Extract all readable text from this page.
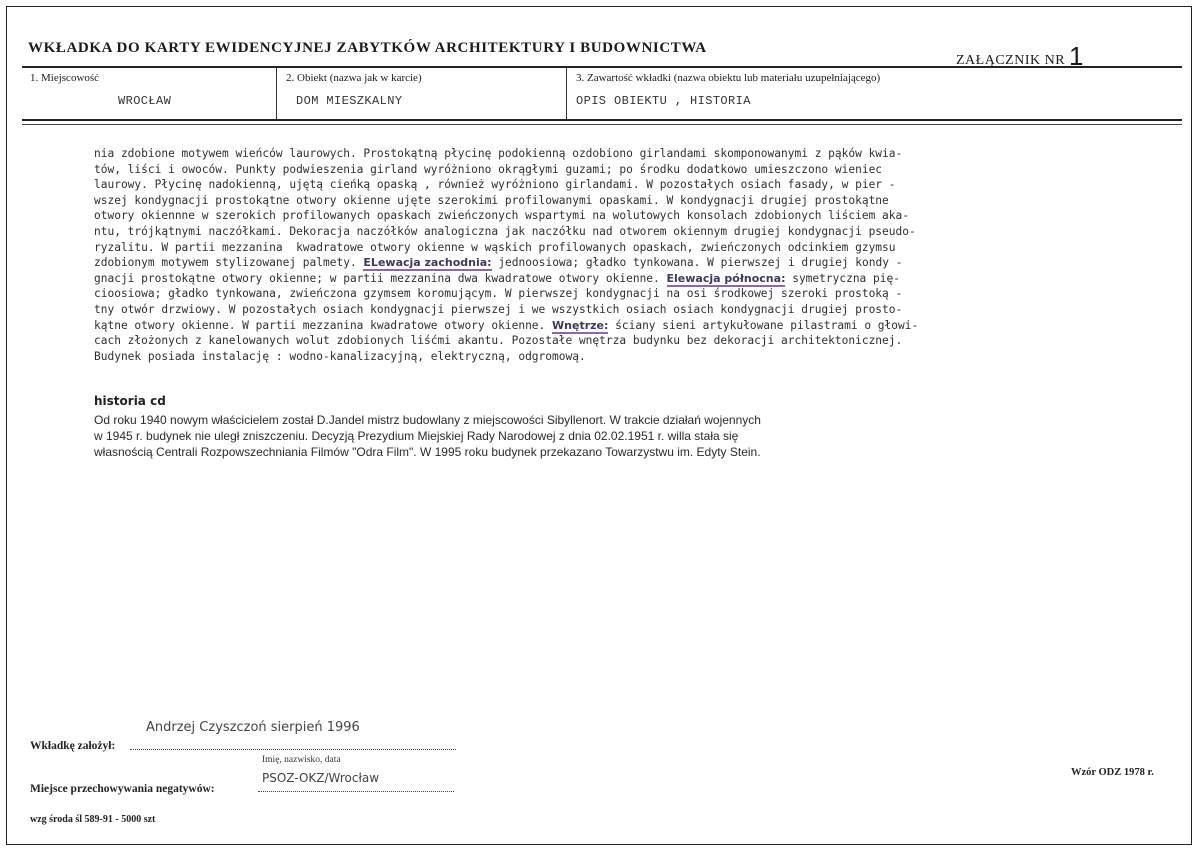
WKŁADKA DO KARTY EWIDENCYJNEJ ZABYTKÓW ARCHITEKTURY I BUDOWNICTWA
ZAŁĄCZNIK NR 1
1. Miejscowość
WROCŁAW
2. Obiekt (nazwa jak w karcie)
DOM MIESZKALNY
3. Zawartość wkładki (nazwa obiektu lub materiału uzupełniającego)
OPIS OBIEKTU , HISTORIA

nia zdobione motywem wieńców laurowych. Prostokątną płycinę podokienną ozdobiono girlandami skomponowanymi z pąków kwia-

tów, liści i owoców. Punkty podwieszenia girland wyróżniono okrągłymi guzami; po środku dodatkowo umieszczono wieniec

laurowy. Płycinę nadokienną, ujętą cieńką opaską , również wyróżniono girlandami. W pozostałych osiach fasady, w pier -

wszej kondygnacji prostokątne otwory okienne ujęte szerokimi profilowanymi opaskami. W kondygnacji drugiej prostokątne

otwory okiennne w szerokich profilowanych opaskach zwieńczonych wspartymi na wolutowych konsolach zdobionych liściem aka-

ntu, trójkątnymi naczółkami. Dekoracja naczółków analogiczna jak naczółku nad otworem okiennym drugiej kondygnacji pseudo-

ryzalitu. W partii mezzanina  kwadratowe otwory okienne w wąskich profilowanych opaskach, zwieńczonych odcinkiem gzymsu

zdobionym motywem stylizowanej palmety. ELewacja zachodnia: jednoosiowa; gładko tynkowana. W pierwszej i drugiej kondy -

gnacji prostokątne otwory okienne; w partii mezzanina dwa kwadratowe otwory okienne. Elewacja północna: symetryczna pię-

cioosiowa; gładko tynkowana, zwieńczona gzymsem koromującym. W pierwszej kondygnacji na osi środkowej szeroki prostoką -

tny otwór drzwiowy. W pozostałych osiach kondygnacji pierwszej i we wszystkich osiach osiach kondygnacji drugiej prosto-

kątne otwory okienne. W partii mezzanina kwadratowe otwory okienne. Wnętrze: ściany sieni artykułowane pilastrami o głowi-

cach złożonych z kanelowanych wolut zdobionych liśćmi akantu. Pozostałe wnętrza budynku bez dekoracji architektonicznej.

Budynek posiada instalację : wodno-kanalizacyjną, elektryczną, odgromową.

historia cd

Od roku 1940 nowym właścicielem został D.Jandel mistrz budowlany z miejscowości Sibyllenort. W trakcie działań wojennych

w 1945 r. budynek nie uległ zniszczeniu. Decyzją Prezydium Miejskiej Rady Narodowej z dnia 02.02.1951 r. willa stała się

własnością Centrali Rozpowszechniania Filmów "Odra Film". W 1995 roku budynek przekazano Towarzystwu im. Edyty Stein.

Andrzej Czyszczoń sierpień 1996
Wkładkę założył:
Imię, nazwisko, data
PSOZ-OKZ/Wrocław
Miejsce przechowywania negatywów:
Wzór ODZ 1978 r.
wzg środa śl 589-91 - 5000 szt
